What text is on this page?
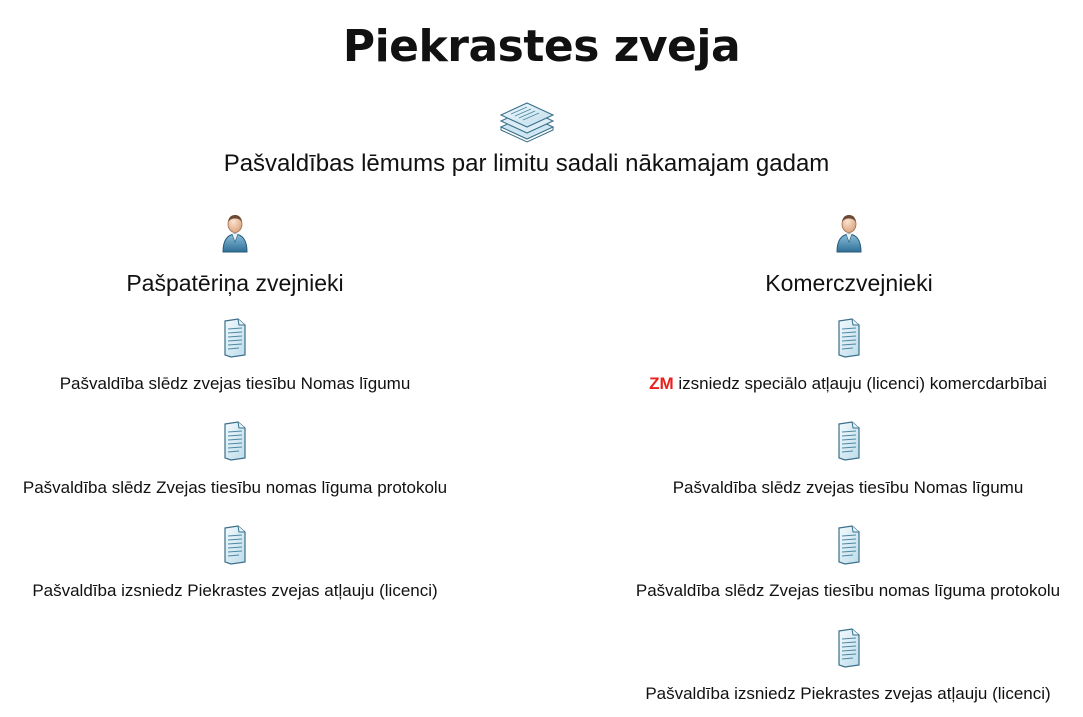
Piekrastes zveja
Pašvaldības lēmums par limitu sadali nākamajam gadam
Pašpatēriņa zvejnieki
Pašvaldība slēdz zvejas tiesību Nomas līgumu
Pašvaldība slēdz Zvejas tiesību nomas līguma protokolu
Pašvaldība izsniedz Piekrastes zvejas atļauju (licenci)
Komerczvejnieki
ZM izsniedz speciālo atļauju (licenci) komercdarbībai
Pašvaldība slēdz zvejas tiesību Nomas līgumu
Pašvaldība slēdz Zvejas tiesību nomas līguma protokolu
Pašvaldība izsniedz Piekrastes zvejas atļauju (licenci)
